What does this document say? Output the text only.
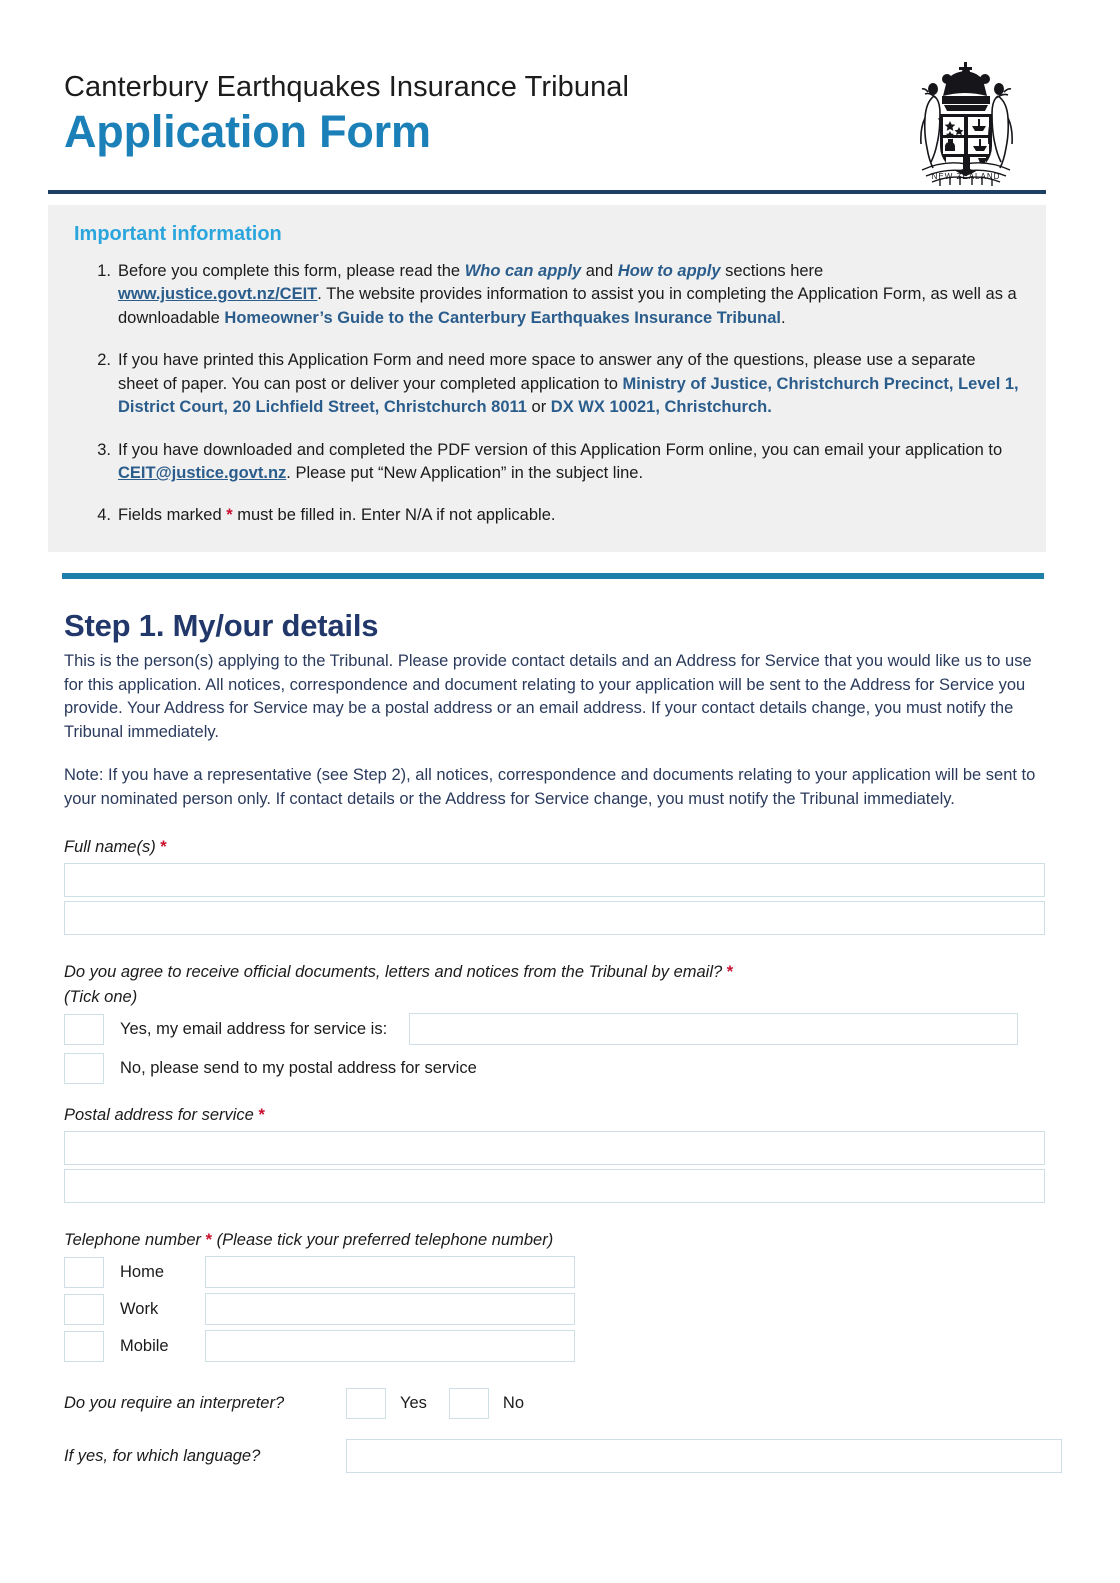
Canterbury Earthquakes Insurance Tribunal
Application Form
NEW ZEALAND
Important information
Before you complete this form, please read the Who can apply and How to apply sections here www.justice.govt.nz/CEIT. The website provides information to assist you in completing the Application Form, as well as a downloadable Homeowner’s Guide to the Canterbury Earthquakes Insurance Tribunal.
If you have printed this Application Form and need more space to answer any of the questions, please use a separate sheet of paper. You can post or deliver your completed application to Ministry of Justice, Christchurch Precinct, Level 1, District Court, 20 Lichfield Street, Christchurch 8011 or DX WX 10021, Christchurch.
If you have downloaded and completed the PDF version of this Application Form online, you can email your application to CEIT@justice.govt.nz. Please put “New Application” in the subject line.
Fields marked * must be filled in. Enter N/A if not applicable.
Step 1. My/our details

This is the person(s) applying to the Tribunal. Please provide contact details and an Address for Service that you would like us to use for this application. All notices, correspondence and document relating to your application will be sent to the Address for Service you provide. Your Address for Service may be a postal address or an email address. If your contact details change, you must notify the Tribunal immediately.

Note: If you have a representative (see Step 2), all notices, correspondence and documents relating to your application will be sent to your nominated person only. If contact details or the Address for Service change, you must notify the Tribunal immediately.

Full name(s) *
Do you agree to receive official documents, letters and notices from the Tribunal by email? *
(Tick one)
Yes, my email address for service is:
No, please send to my postal address for service
Postal address for service *
Telephone number * (Please tick your preferred telephone number)
Home
Work
Mobile
Do you require an interpreter?	Yes	No
If yes, for which language?
